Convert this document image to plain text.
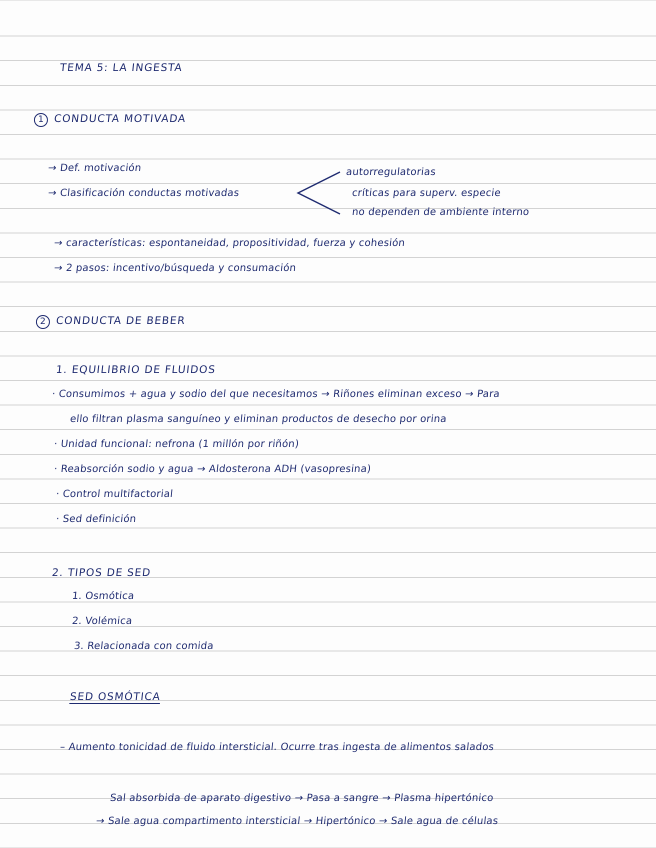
TEMA 5: LA INGESTA
1 CONDUCTA MOTIVADA
→ Def. motivación
→ Clasificación conductas motivadas
autorregulatorias
críticas para superv. especie
no dependen de ambiente interno
→ características: espontaneidad, propositividad, fuerza y cohesión
→ 2 pasos: incentivo/búsqueda y consumación
2 CONDUCTA DE BEBER
1. EQUILIBRIO DE FLUIDOS
· Consumimos + agua y sodio del que necesitamos → Riñones eliminan exceso → Para
ello filtran plasma sanguíneo y eliminan productos de desecho por orina
· Unidad funcional: nefrona (1 millón por riñón)
· Reabsorción sodio y agua → Aldosterona ADH (vasopresina)
· Control multifactorial
· Sed definición
2. TIPOS DE SED
1. Osmótica
2. Volémica
3. Relacionada con comida
SED OSMÓTICA
– Aumento tonicidad de fluido intersticial. Ocurre tras ingesta de alimentos salados
Sal absorbida de aparato digestivo → Pasa a sangre → Plasma hipertónico
→ Sale agua compartimento intersticial → Hipertónico → Sale agua de células
